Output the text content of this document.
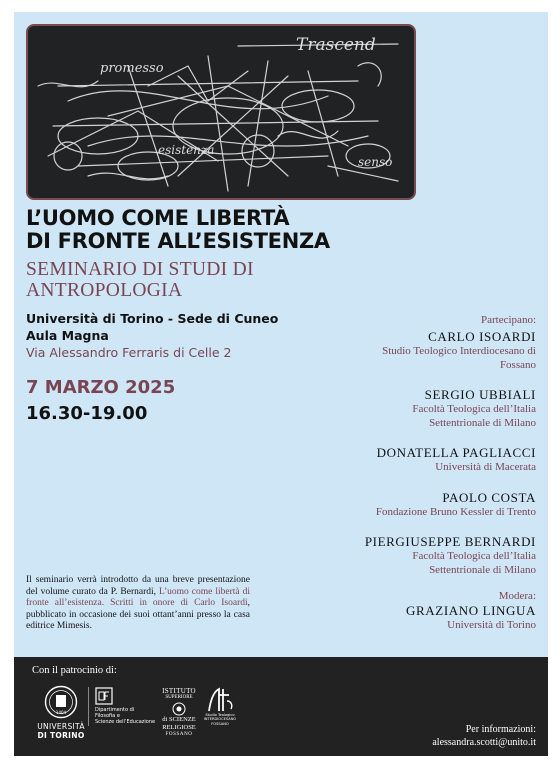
Trascend
promesso
esistenza
senso
L’UOMO COME LIBERTÀ
DI FRONTE ALL’ESISTENZA
SEMINARIO DI STUDI DI
ANTROPOLOGIA
Università di Torino - Sede di Cuneo
Aula Magna
Via Alessandro Ferraris di Celle 2
7 MARZO 2025
16.30-19.00
Partecipano:
CARLO ISOARDI
Studio Teologico Interdiocesano di
Fossano
SERGIO UBBIALI
Facoltà Teologica dell’Italia
Settentrionale di Milano
DONATELLA PAGLIACCI
Università di Macerata
PAOLO COSTA
Fondazione Bruno Kessler di Trento
PIERGIUSEPPE BERNARDI
Facoltà Teologica dell’Italia
Settentrionale di Milano
Modera:
GRAZIANO LINGUA
Università di Torino
Il seminario verrà introdotto da una breve presentazione del volume curato da P. Bernardi, L’uomo come libertà di fronte all’esistenza. Scritti in onore di Carlo Isoardi, pubblicato in occasione dei suoi ottant’anni presso la casa editrice Mimesis.
Con il patrocinio di:
1404
UNIVERSITÀ
DI TORINO
Dipartimento di
Filosofia e
Scienze dell’Educazione
ISTITUTO
SUPERIORE
di SCIENZE
RELIGIOSE
FOSSANO
Studio Teologico
INTERDIOCESANO
FOSSANO
Per informazioni:
alessandra.scotti@unito.it
